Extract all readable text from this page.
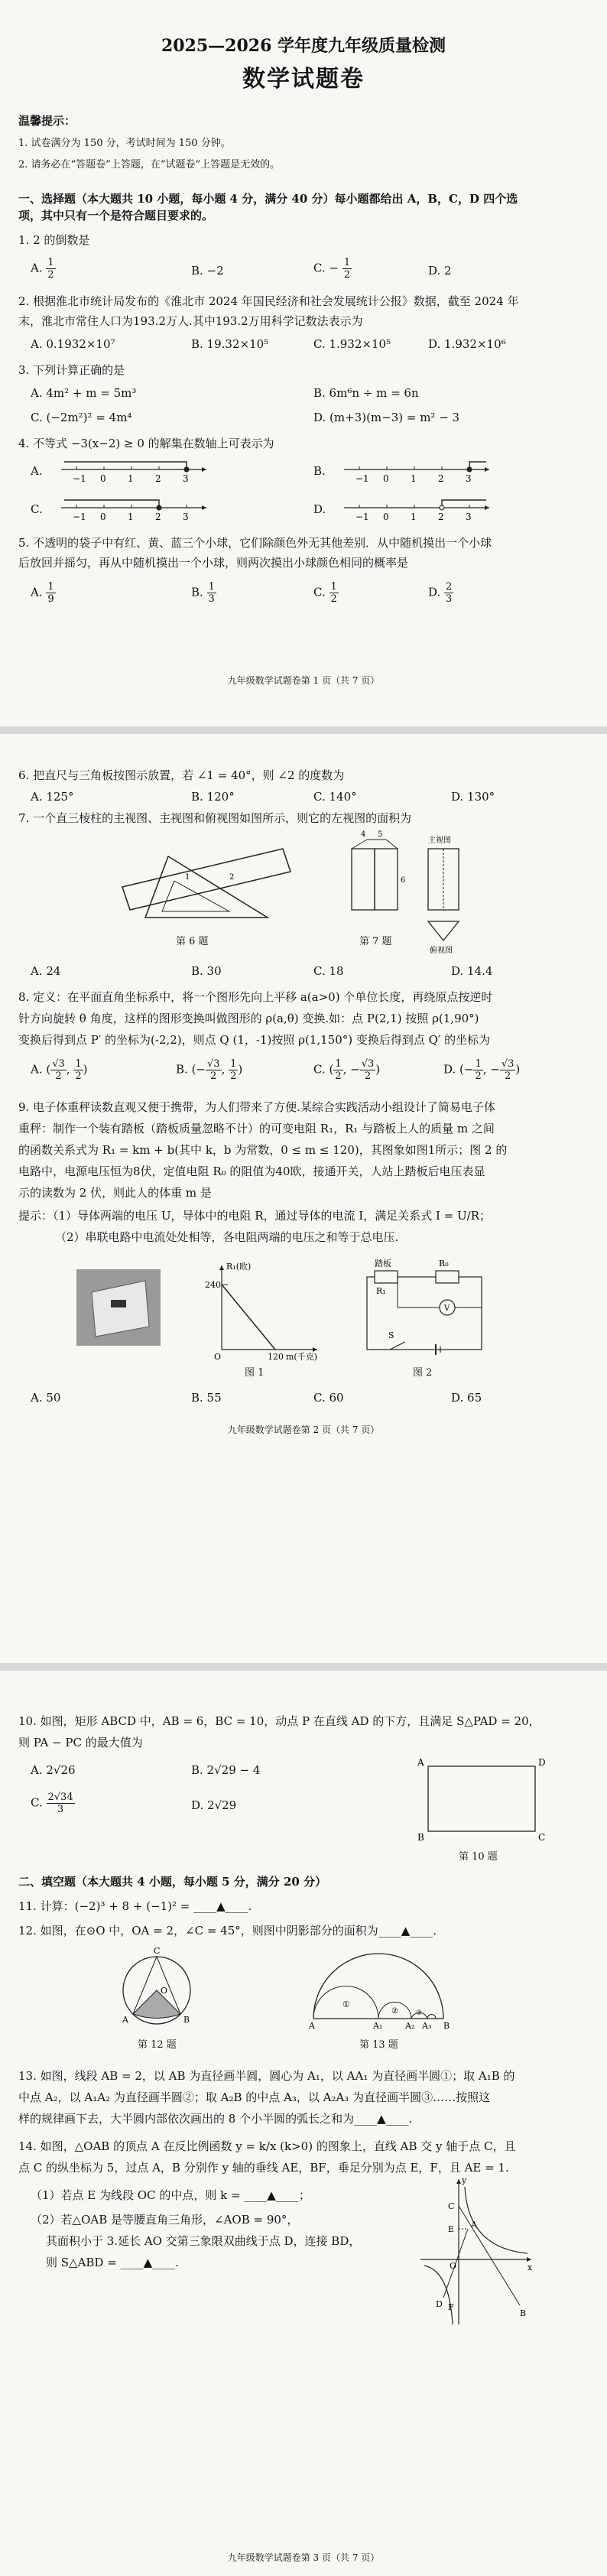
2025—2026 学年度九年级质量检测
数学试题卷
温馨提示：
1. 试卷满分为 150 分，考试时间为 150 分钟。
2. 请务必在“答题卷”上答题，在“试题卷”上答题是无效的。
一、选择题（本大题共 10 小题，每小题 4 分，满分 40 分）每小题都给出 A，B，C，D 四个选
项，其中只有一个是符合题目要求的。
1. 2 的倒数是
A. $\frac{1}{2}$	B. −2	C. − $\frac{1}{2}$	D. 2
2. 根据淮北市统计局发布的《淮北市 2024 年国民经济和社会发展统计公报》数据，截至 2024 年
末，淮北市常住人口为193.2万人.其中193.2万用科学记数法表示为
A. 0.1932×10⁷	B. 19.32×10⁵	C. 1.932×10⁵	D. 1.932×10⁶
3. 下列计算正确的是
A. 4m² + m = 5m³	B. 6m⁶n ÷ m = 6n
C. (−2m²)² = 4m⁴	D. (m+3)(m−3) = m² − 3
4. 不等式 −3(x−2) ≥ 0 的解集在数轴上可表示为
A.	B.
C.	D.
−1 0 1 2 3	−1 0 1 2 3
−1 0 1 2 3	−1 0 1 2 3
5. 不透明的袋子中有红、黄、蓝三个小球，它们除颜色外无其他差别．从中随机摸出一个小球
后放回并摇匀，再从中随机摸出一个小球，则两次摸出小球颜色相同的概率是
A. $\frac{1}{9}$	B. $\frac{1}{3}$	C. $\frac{1}{2}$	D. $\frac{2}{3}$
九年级数学试题卷第 1 页（共 7 页）
6. 把直尺与三角板按图示放置，若 ∠1 = 40°，则 ∠2 的度数为
A. 125°	B. 120°	C. 140°	D. 130°
7. 一个直三棱柱的主视图、主视图和俯视图如图所示，则它的左视图的面积为
1	2
第 6 题
4
6
5
主视图
俯视图
第 7 题
A. 24	B. 30	C. 18	D. 14.4
8. 定义：在平面直角坐标系中，将一个图形先向上平移 a(a>0) 个单位长度，再绕原点按逆时
针方向旋转 θ 角度，这样的图形变换叫做图形的 ρ(a,θ) 变换.如：点 P(2,1) 按照 ρ(1,90°)
变换后得到点 P′ 的坐标为(-2,2)，则点 Q (1，-1)按照 ρ(1,150°) 变换后得到点 Q′ 的坐标为
A. ( $\frac{√3}{2}$ , $\frac{1}{2}$ )	B. (− $\frac{√3}{2}$ , $\frac{1}{2}$ )	C. ( $\frac{1}{2}$ , − $\frac{√3}{2}$ )	D. (− $\frac{1}{2}$ , − $\frac{√3}{2}$ )
9. 电子体重秤读数直观又便于携带，为人们带来了方便.某综合实践活动小组设计了简易电子体
重秤：制作一个装有踏板（踏板质量忽略不计）的可变电阻 R₁，R₁ 与踏板上人的质量 m 之间
的函数关系式为 R₁ = km + b(其中 k，b 为常数，0 ≤ m ≤ 120)，其图象如图1所示；图 2 的
电路中，电源电压恒为8伏，定值电阻 R₀ 的阻值为40欧，接通开关，人站上踏板后电压表显
示的读数为 2 伏，则此人的体重 m 是
提示：（1）导体两端的电压 U，导体中的电阻 R，通过导体的电流 I，满足关系式 I = U/R；
（2）串联电路中电流处处相等，各电阻两端的电压之和等于总电压.
240
120
O
R₁(欧)
m(千克)
图 1
踏板
R₁
R₀
V
S
图 2
A. 50	B. 55	C. 60	D. 65
九年级数学试题卷第 2 页（共 7 页）
10. 如图，矩形 ABCD 中，AB = 6，BC = 10，动点 P 在直线 AD 的下方，且满足 S△PAD = 20，
则 PA − PC 的最大值为
A. 2√26	B. 2√29 − 4
C. $\frac{2√34}{3}$	D. 2√29
A	D
B	C
第 10 题
二、填空题（本大题共 4 小题，每小题 5 分，满分 20 分）
11. 计算：(−2)³ + 8 + (−1)² = ____▲____.
12. 如图，在⊙O 中，OA = 2，∠C = 45°，则图中阴影部分的面积为____▲____.
C
O
A	B
第 12 题
A	A₁	A₂ A₃ B
①
②	③
第 13 题
13. 如图，线段 AB = 2，以 AB 为直径画半圆，圆心为 A₁，以 AA₁ 为直径画半圆①；取 A₁B 的
中点 A₂，以 A₁A₂ 为直径画半圆②；取 A₂B 的中点 A₃，以 A₂A₃ 为直径画半圆③……按照这
样的规律画下去，大半圆内部依次画出的 8 个小半圆的弧长之和为____▲____.
14. 如图，△OAB 的顶点 A 在反比例函数 y = k/x (k>0) 的图象上，直线 AB 交 y 轴于点 C，且
点 C 的纵坐标为 5，过点 A，B 分别作 y 轴的垂线 AE，BF，垂足分别为点 E，F，且 AE = 1.
（1）若点 E 为线段 OC 的中点，则 k = ____▲____；
（2）若△OAB 是等腰直角三角形，∠AOB = 90°，
其面积小于 3.延长 AO 交第三象限双曲线于点 D，连接 BD，
则 S△ABD = ____▲____.
y
C
A
E
O	x
D
B
F
九年级数学试题卷第 3 页（共 7 页）
